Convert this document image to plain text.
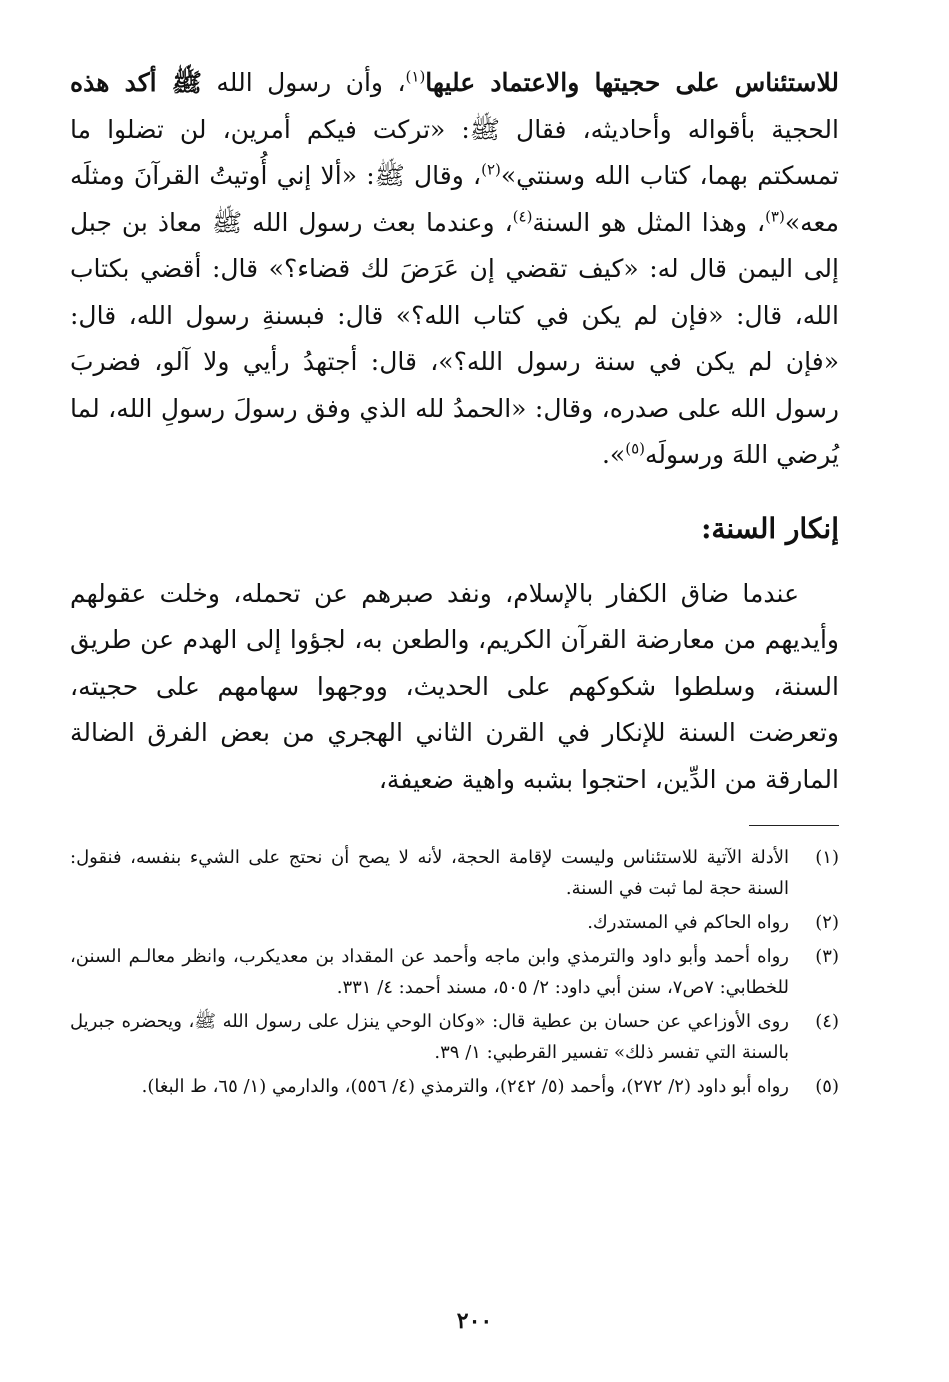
للاستئناس على حجيتها والاعتماد عليها$^{(١)}$، وأن رسول الله ﷺ أكد هذه الحجية بأقواله وأحاديثه، فقال ﷺ: «تركت فيكم أمرين، لن تضلوا ما تمسكتم بهما، كتاب الله وسنتي»$^{(٢)}$، وقال ﷺ: «ألا إني أُوتيتُ القرآنَ ومثلَه معه»$^{(٣)}$، وهذا المثل هو السنة$^{(٤)}$، وعندما بعث رسول الله ﷺ معاذ بن جبل إلى اليمن قال له: «كيف تقضي إن عَرَضَ لك قضاء؟» قال: أقضي بكتاب الله، قال: «فإن لم يكن في كتاب الله؟» قال: فبسنةِ رسول الله، قال: «فإن لم يكن في سنة رسول الله؟»، قال: أجتهدُ رأيي ولا آلو، فضربَ رسول الله على صدره، وقال: «الحمدُ لله الذي وفق رسولَ رسولِ الله، لما يُرضي اللهَ ورسولَه$^{(٥)}$».

إنكار السنة:

عندما ضاق الكفار بالإسلام، ونفد صبرهم عن تحمله، وخلت عقولهم وأيديهم من معارضة القرآن الكريم، والطعن به، لجؤوا إلى الهدم عن طريق السنة، وسلطوا شكوكهم على الحديث، ووجهوا سهامهم على حجيته، وتعرضت السنة للإنكار في القرن الثاني الهجري من بعض الفرق الضالة المارقة من الدِّين، احتجوا بشبه واهية ضعيفة،

(١)
الأدلة الآتية للاستئناس وليست لإقامة الحجة، لأنه لا يصح أن نحتج على الشيء بنفسه، فنقول: السنة حجة لما ثبت في السنة.
(٢)
رواه الحاكم في المستدرك.
(٣)
رواه أحمد وأبو داود والترمذي وابن ماجه وأحمد عن المقداد بن معديكرب، وانظر معالـم السنن، للخطابي: ٧ص٧، سنن أبي داود: ٢/ ٥٠٥، مسند أحمد: ٤/ ٣٣١.
(٤)
روى الأوزاعي عن حسان بن عطية قال: «وكان الوحي ينزل على رسول الله ﷺ، ويحضره جبريل بالسنة التي تفسر ذلك» تفسير القرطبي: ١/ ٣٩.
(٥)
رواه أبو داود (٢/ ٢٧٢)، وأحمد (٥/ ٢٤٢)، والترمذي (٤/ ٥٥٦)، والدارمي (١/ ٦٥، ط البغا).
٢٠٠
